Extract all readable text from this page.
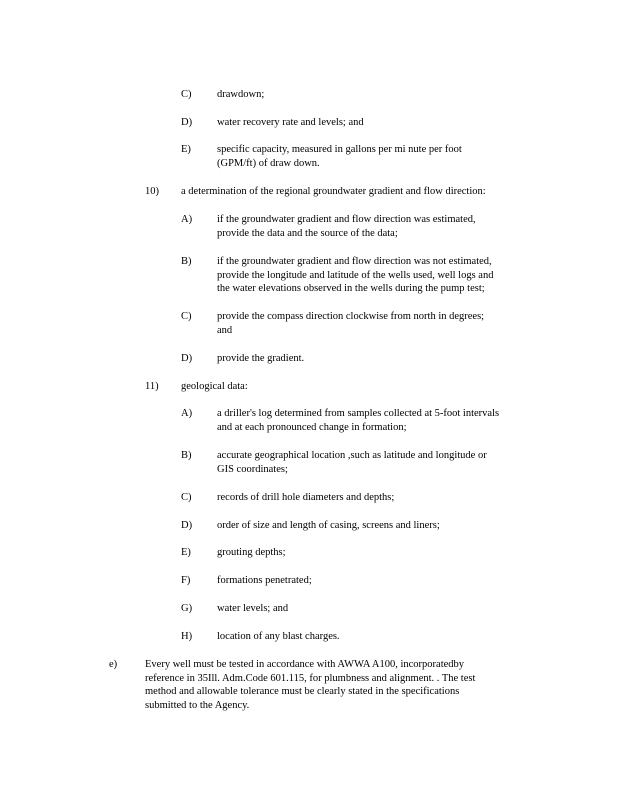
C) drawdown;

D) water recovery rate and levels; and

E) specific capacity, measured in gallons per mi nute per foot

(GPM/ft) of draw down.

10) a determination of the regional groundwater gradient and flow direction:
A) if the groundwater gradient and flow direction was estimated,

provide the data and the source of the data;

B) if the groundwater gradient and flow direction was not estimated,

provide the longitude and latitude of the wells used, well logs and

the water elevations observed in the wells during the pump test;

C) provide the compass direction clockwise from north in degrees;

and

D) provide the gradient.

11) geological data:
A) a driller's log determined from samples collected at 5-foot intervals

and at each pronounced change in formation;

B) accurate geographical location ,such as latitude and longitude or

GIS coordinates;

C) records of drill hole diameters and depths;

D) order of size and length of casing, screens and liners;

E) grouting depths;

F)	formations penetrated;

G) water levels; and

H) location of any blast charges.

e)	Every well must be tested in accordance with AWWA A100, incorporatedby

reference in 35Ill. Adm.Code 601.115, for plumbness and alignment. . The test

method and allowable tolerance must be clearly stated in the specifications

submitted to the Agency.
